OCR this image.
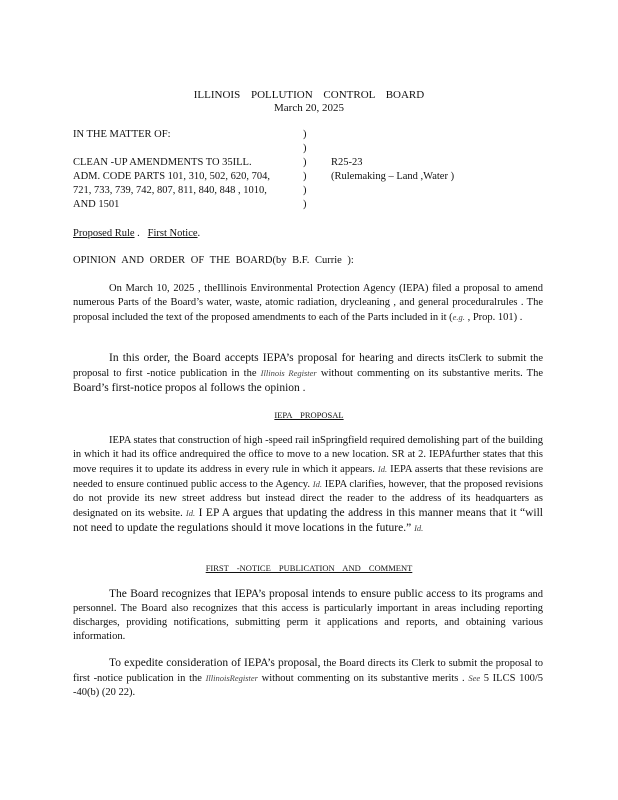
ILLINOIS POLLUTION CONTROL BOARD
March 20, 2025
IN THE MATTER OF:
CLEAN -UP AMENDMENTS TO 35ILL.
ADM. CODE PARTS 101, 310, 502, 620, 704,
721, 733, 739, 742, 807, 811, 840, 848 , 1010,
AND 1501
)
)
)
)
)
)
R25-23
(Rulemaking – Land ,Water )
Proposed Rule .   First Notice.
OPINION AND ORDER OF THE BOARD(by B.F. Currie ):
On March 10, 2025 , theIllinois Environmental Protection Agency (IEPA) filed a proposal to amend numerous Parts of the Board’s water, waste, atomic radiation, drycleaning , and general proceduralrules . The proposal included the text of the proposed amendments to each of the Parts included in it (e.g. , Prop. 101) .
In this order, the Board accepts IEPA’s proposal for hearing and directs itsClerk to submit the proposal to first -notice publication in the Illinois Register without commenting on its substantive merits. The Board’s first-notice propos al follows the opinion .
IEPA PROPOSAL
IEPA states that construction of high -speed rail inSpringfield required demolishing part of the building in which it had its office andrequired the office to move to a new location. SR at 2. IEPAfurther states that this move requires it to update its address in every rule in which it appears. Id. IEPA asserts that these revisions are needed to ensure continued public access to the Agency. Id. IEPA clarifies, however, that the proposed revisions do not provide its new street address but instead direct the reader to the address of its headquarters as designated on its website. Id. I EP A argues that updating the address in this manner means that it “will not need to update the regulations should it move locations in the future.” Id.
FIRST -NOTICE PUBLICATION AND COMMENT
The Board recognizes that IEPA’s proposal intends to ensure public access to its programs and personnel. The Board also recognizes that this access is particularly important in areas including reporting discharges, providing notifications, submitting perm it applications and reports, and obtaining various information.
To expedite consideration of IEPA’s proposal, the Board directs its Clerk to submit the proposal to first -notice publication in the IllinoisRegister without commenting on its substantive merits . See 5 ILCS 100/5 -40(b) (20 22).
